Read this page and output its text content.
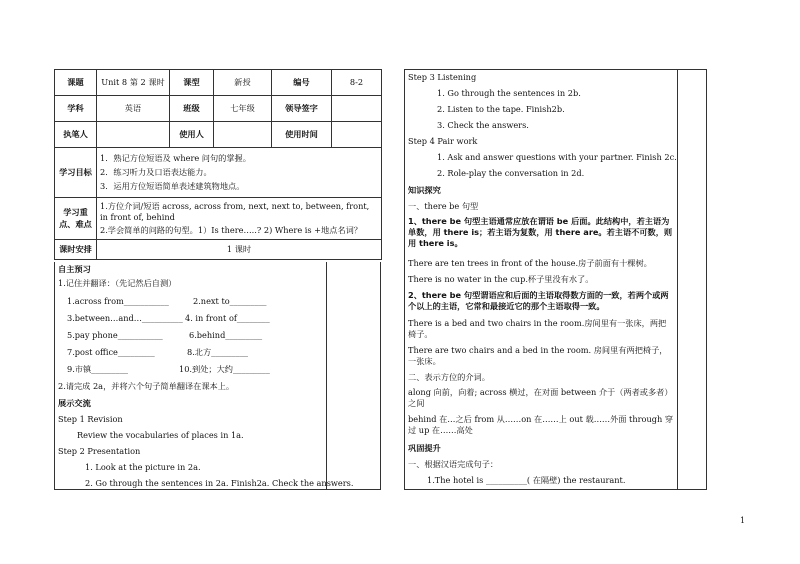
课题	Unit 8 第 2 课时	课型	新授	编号	8-2
学科	英语	班级	七年级	领导签字	
执笔人		使用人		使用时间	
学习目标	1．熟记方位短语及 where 问句的掌握。
2．练习听力及口语表达能力。
3．运用方位短语简单表述建筑物地点。				

学习重点、难点	1.方位介词/短语 across, across from, next, next to, between, front, in front of, behind
2.学会简单的问路的句型。1）Is there…..? 2) Where is +地点名词？				

课时安排	1 课时				
自主预习
1.记住并翻译：（先记然后自测）
1.across from___________	2.next to_________
3.between…and…__________ 4. in front of________
5.pay phone___________	6.behind_________
7.post office_________	8.北方_________
9.市镇_________	10.到处；大约_________
2.请完成 2a，并将六个句子简单翻译在课本上。
展示交流
Step 1 Revision
Review the vocabularies of places in 1a.
Step 2 Presentation
1. Look at the picture in 2a.
2. Go through the sentences in 2a. Finish2a. Check the answers.
Step 3 Listening
1. Go through the sentences in 2b.
2. Listen to the tape. Finish2b.
3. Check the answers.
Step 4 Pair work
1. Ask and answer questions with your partner. Finish 2c.
2. Role-play the conversation in 2d.
知识探究
一、there be 句型
1、there be 句型主语通常应放在谓语 be 后面。此结构中，若主语为单数，用 there is；若主语为复数，用 there are。若主语不可数，则用 there is。
There are ten trees in front of the house.房子前面有十棵树。
There is no water in the cup.杯子里没有水了。
2、there be 句型谓语应和后面的主语取得数方面的一致，若两个或两个以上的主语，它常和最接近它的那个主语取得一致。
There is a bed and two chairs in the room.房间里有一张床，两把椅子。
There are two chairs and a bed in the room. 房间里有两把椅子，一张床。
二、表示方位的介词。
along 向前，向着; across 横过，在对面 between 介于（两者或多者）之间
behind 在…之后 from 从……on 在……上 out 载……外面 through 穿过 up 在……高处
巩固提升
一、根据汉语完成句子：
1.The hotel is __________( 在隔壁) the restaurant.
1
